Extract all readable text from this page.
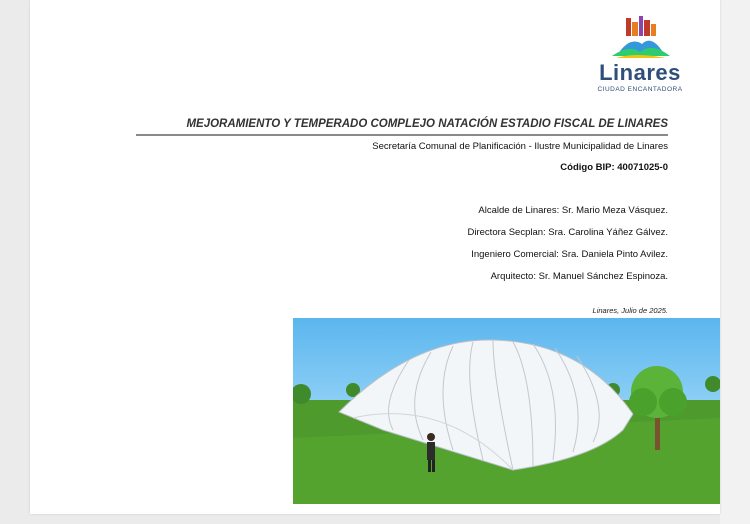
Linares
CIUDAD ENCANTADORA
MEJORAMIENTO Y TEMPERADO COMPLEJO NATACIÓN ESTADIO FISCAL DE LINARES
Secretaría Comunal de Planificación - Ilustre Municipalidad de Linares
Código BIP: 40071025-0
Alcalde de Linares: Sr. Mario Meza Vásquez.
Directora Secplan: Sra. Carolina Yáñez Gálvez.
Ingeniero Comercial: Sra. Daniela Pinto Avilez.
Arquitecto: Sr. Manuel Sánchez Espinoza.
Linares, Julio de 2025.
